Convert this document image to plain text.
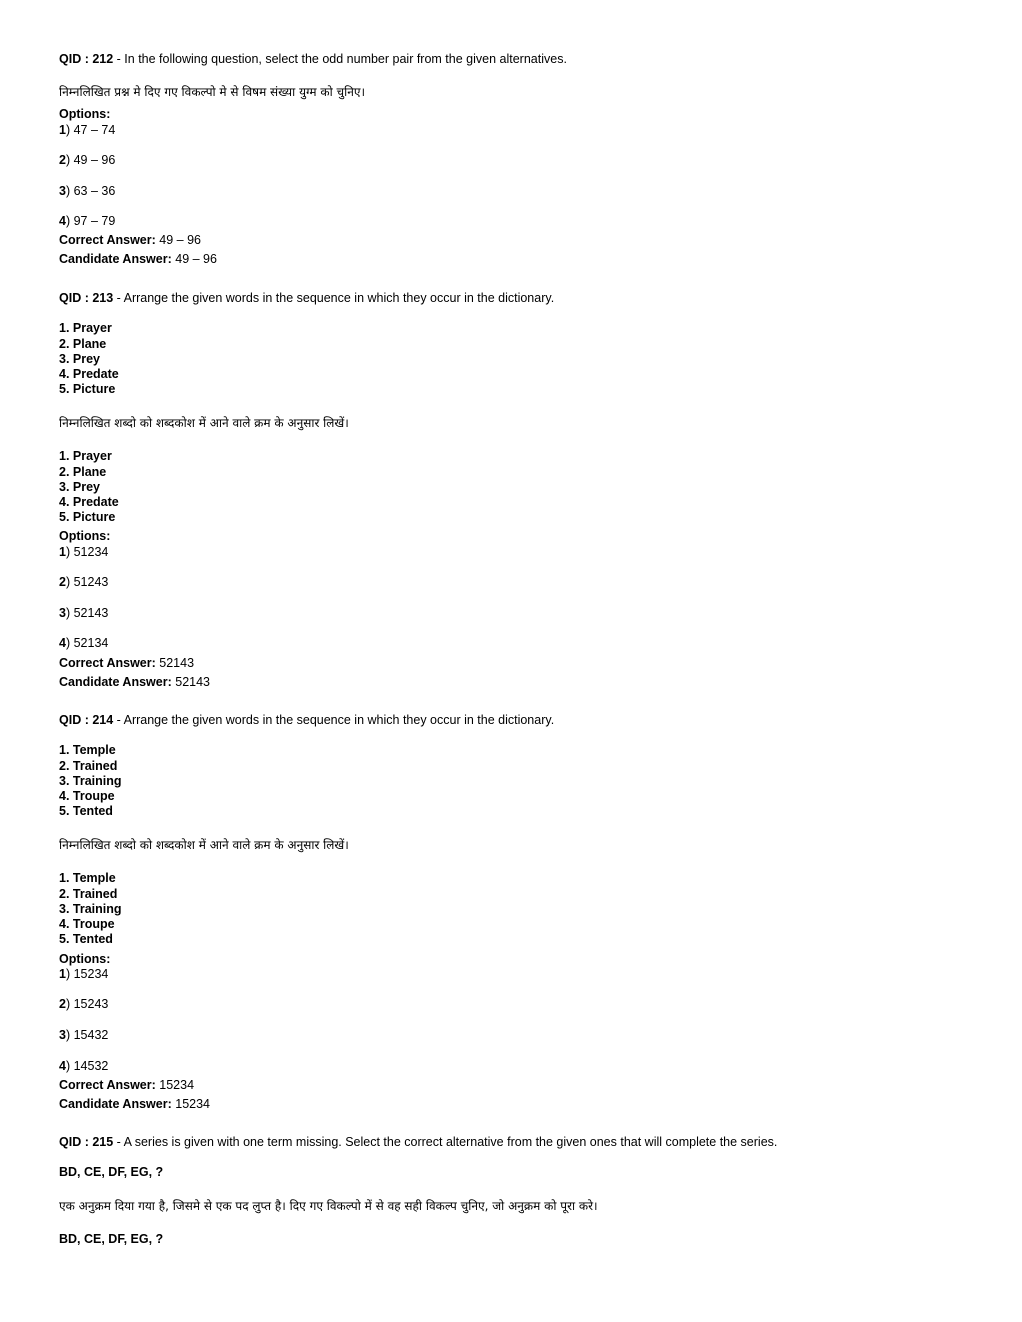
QID : 212 - In the following question, select the odd number pair from the given alternatives.
निम्नलिखित प्रश्न मे दिए गए विकल्पो मे से विषम संख्या युग्म को चुनिए।
Options:
1) 47 – 74
2) 49 – 96
3) 63 – 36
4) 97 – 79
Correct Answer: 49 – 96
Candidate Answer: 49 – 96
QID : 213 - Arrange the given words in the sequence in which they occur in the dictionary.
1. Prayer
2. Plane
3. Prey
4. Predate
5. Picture
निम्नलिखित शब्दो को शब्दकोश में आने वाले क्रम के अनुसार लिखें।
1. Prayer
2. Plane
3. Prey
4. Predate
5. Picture
Options:
1) 51234
2) 51243
3) 52143
4) 52134
Correct Answer: 52143
Candidate Answer: 52143
QID : 214 - Arrange the given words in the sequence in which they occur in the dictionary.
1. Temple
2. Trained
3. Training
4. Troupe
5. Tented
निम्नलिखित शब्दो को शब्दकोश में आने वाले क्रम के अनुसार लिखें।
1. Temple
2. Trained
3. Training
4. Troupe
5. Tented
Options:
1) 15234
2) 15243
3) 15432
4) 14532
Correct Answer: 15234
Candidate Answer: 15234
QID : 215 - A series is given with one term missing. Select the correct alternative from the given ones that will complete the series.
BD, CE, DF, EG, ?
एक अनुक्रम दिया गया है, जिसमे से एक पद लुप्त है। दिए गए विकल्पो में से वह सही विकल्प चुनिए, जो अनुक्रम को पूरा करे।
BD, CE, DF, EG, ?
